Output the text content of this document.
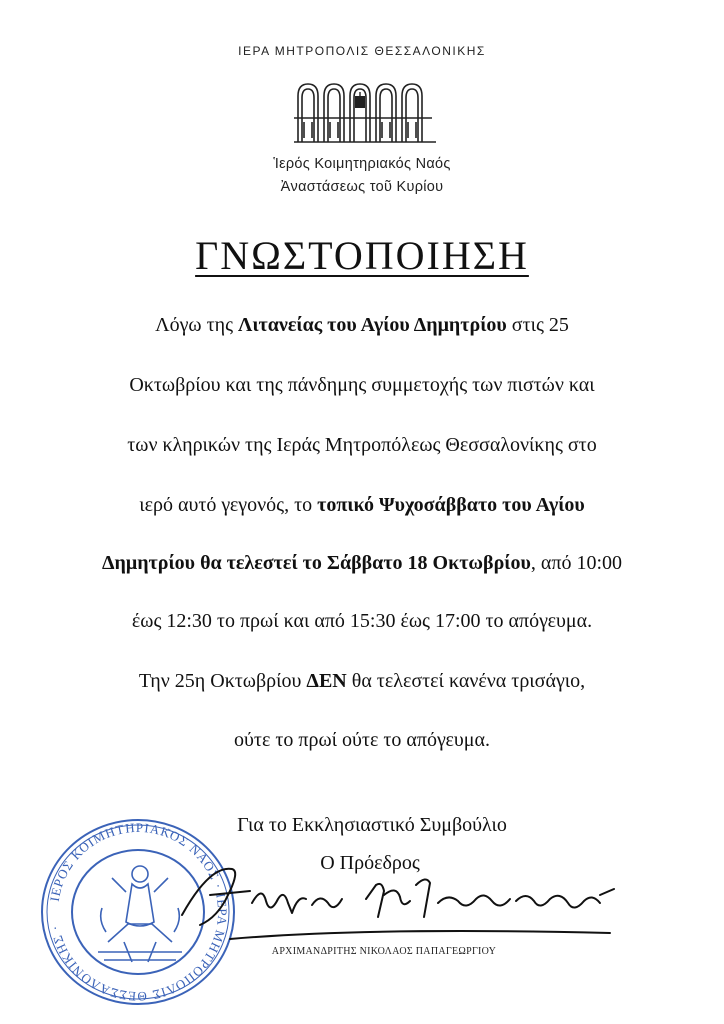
ΙΕΡΑ ΜΗΤΡΟΠΟΛΙΣ ΘΕΣΣΑΛΟΝΙΚΗΣ
Ἱερός Κοιμητηριακός Ναός
Ἀναστάσεως τοῦ Κυρίου
ΓΝΩΣΤΟΠΟΙΗΣΗ
Λόγω της Λιτανείας του Αγίου Δημητρίου στις 25
Οκτωβρίου και της πάνδημης συμμετοχής των πιστών και
των κληρικών της Ιεράς Μητροπόλεως Θεσσαλονίκης στο
ιερό αυτό γεγονός, το τοπικό Ψυχοσάββατο του Αγίου
Δημητρίου θα τελεστεί το Σάββατο 18 Οκτωβρίου, από 10:00
έως 12:30 το πρωί και από 15:30 έως 17:00 το απόγευμα.
Την 25η Οκτωβρίου ΔΕΝ θα τελεστεί κανένα τρισάγιο,
ούτε το πρωί ούτε το απόγευμα.
Για το Εκκλησιαστικό Συμβούλιο
Ο Πρόεδρος
ΙΕΡΟΣ ΚΟΙΜΗΤΗΡΙΑΚΟΣ ΝΑΟΣ · ΙΕΡΑ ΜΗΤΡΟΠΟΛΙΣ ΘΕΣΣΑΛΟΝΙΚΗΣ ·
ΑΡΧΙΜΑΝΔΡΙΤΗΣ ΝΙΚΟΛΑΟΣ ΠΑΠΑΓΕΩΡΓΙΟΥ
